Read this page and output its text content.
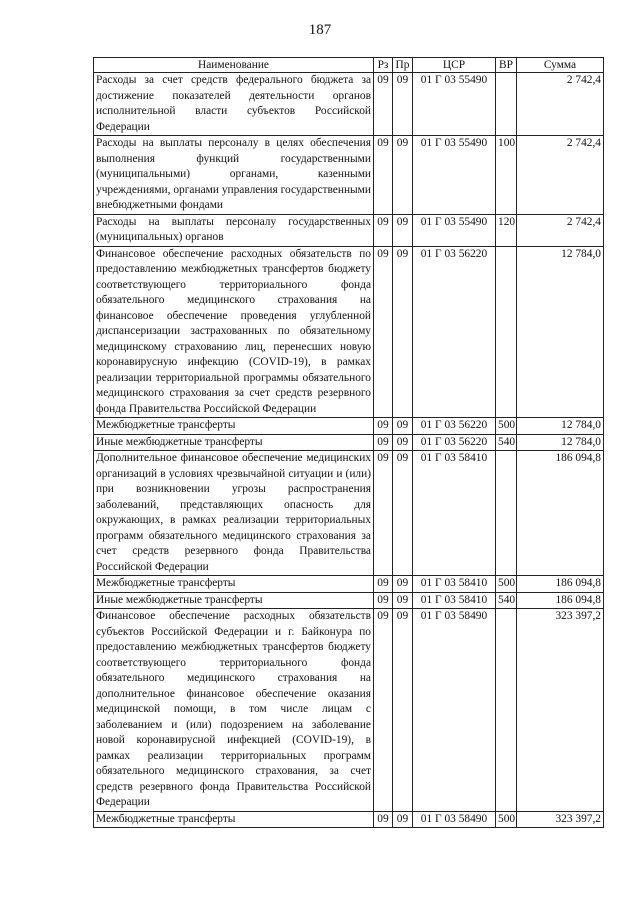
187
Наименование	Рз	Пр	ЦСР	ВР	Сумма
Расходы за счет средств федерального бюджета за достижение показателей деятельности органов исполнительной власти субъектов Российской Федерации	09	09	01 Г 03 55490		2 742,4
Расходы на выплаты персоналу в целях обеспечения выполнения функций государственными (муниципальными) органами, казенными учреждениями, органами управления государственными внебюджетными фондами	09	09	01 Г 03 55490	100	2 742,4
Расходы на выплаты персоналу государственных (муниципальных) органов	09	09	01 Г 03 55490	120	2 742,4
Финансовое обеспечение расходных обязательств по предоставлению межбюджетных трансфертов бюджету соответствующего территориального фонда обязательного медицинского страхования на финансовое обеспечение проведения углубленной диспансеризации застрахованных по обязательному медицинскому страхованию лиц, перенесших новую коронавирусную инфекцию (COVID-19), в рамках реализации территориальной программы обязательного медицинского страхования за счет средств резервного фонда Правительства Российской Федерации	09	09	01 Г 03 56220		12 784,0
Межбюджетные трансферты	09	09	01 Г 03 56220	500	12 784,0
Иные межбюджетные трансферты	09	09	01 Г 03 56220	540	12 784,0
Дополнительное финансовое обеспечение медицинских организаций в условиях чрезвычайной ситуации и (или) при возникновении угрозы распространения заболеваний, представляющих опасность для окружающих, в рамках реализации территориальных программ обязательного медицинского страхования за счет средств резервного фонда Правительства Российской Федерации	09	09	01 Г 03 58410		186 094,8
Межбюджетные трансферты	09	09	01 Г 03 58410	500	186 094,8
Иные межбюджетные трансферты	09	09	01 Г 03 58410	540	186 094,8
Финансовое обеспечение расходных обязательств субъектов Российской Федерации и г. Байконура по предоставлению межбюджетных трансфертов бюджету соответствующего территориального фонда обязательного медицинского страхования на дополнительное финансовое обеспечение оказания медицинской помощи, в том числе лицам с заболеванием и (или) подозрением на заболевание новой коронавирусной инфекцией (COVID-19), в рамках реализации территориальных программ обязательного медицинского страхования, за счет средств резервного фонда Правительства Российской Федерации	09	09	01 Г 03 58490		323 397,2
Межбюджетные трансферты	09	09	01 Г 03 58490	500	323 397,2
